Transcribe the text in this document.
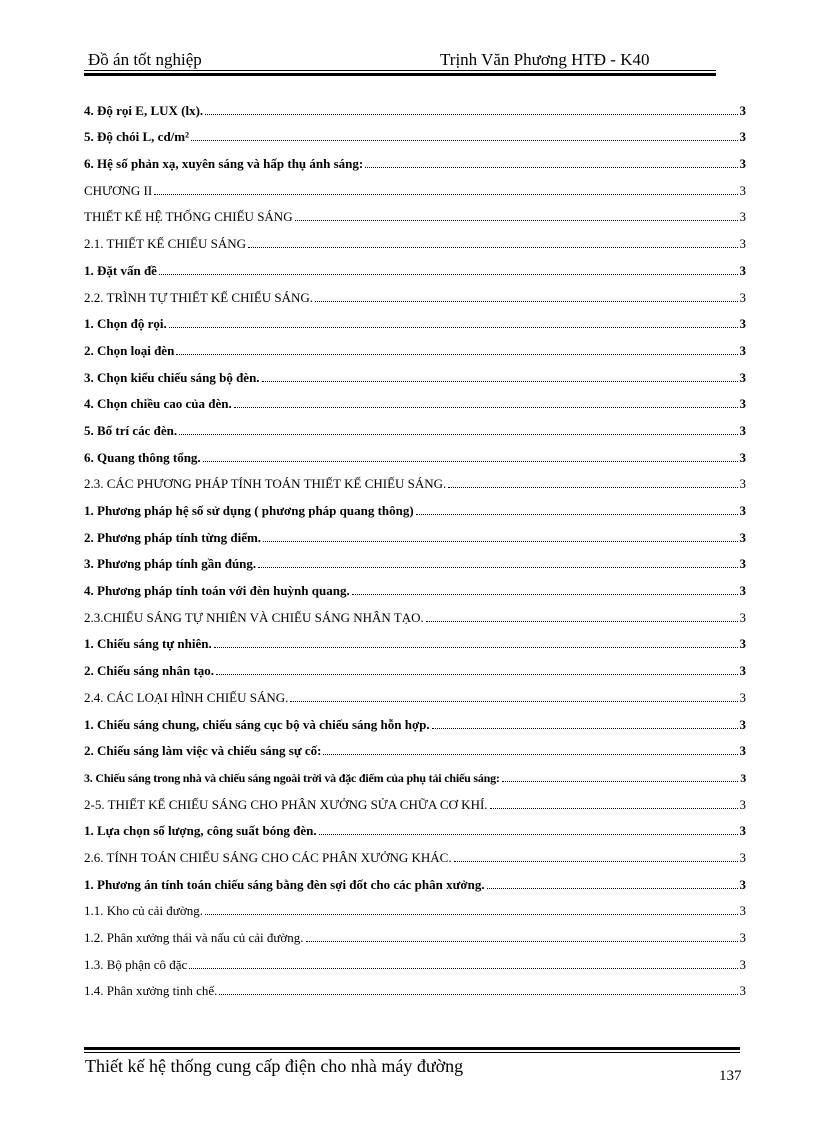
Đồ án tốt nghiệp	Trịnh Văn Phương HTĐ - K40
4. Độ rọi E, LUX (lx).	3
5. Độ chói L, cd/m²	3
6. Hệ số phản xạ, xuyên sáng và hấp thụ ánh sáng:	3
CHƯƠNG II	3
THIẾT KẾ HỆ THỐNG CHIẾU SÁNG	3
2.1. THIẾT KẾ CHIẾU SÁNG	3
1. Đặt vấn đề	3
2.2. TRÌNH TỰ THIẾT KẾ CHIẾU SÁNG.	3
1. Chọn độ rọi.	3
2. Chọn loại đèn	3
3. Chọn kiểu chiếu sáng bộ đèn.	3
4. Chọn chiều cao của đèn.	3
5. Bố trí các đèn.	3
6. Quang thông tổng.	3
2.3. CÁC PHƯƠNG PHÁP TÍNH TOÁN THIẾT KẾ CHIẾU SÁNG.	3
1. Phương pháp hệ số sử dụng ( phương pháp quang thông)	3
2. Phương pháp tính từng điểm.	3
3. Phương pháp tính gần đúng.	3
4. Phương pháp tính toán với đèn huỳnh quang.	3
2.3.CHIẾU SÁNG TỰ NHIÊN VÀ CHIẾU SÁNG NHÂN TẠO.	3
1. Chiếu sáng tự nhiên.	3
2. Chiếu sáng nhân tạo.	3
2.4. CÁC LOẠI HÌNH CHIẾU SÁNG.	3
1. Chiếu sáng chung, chiếu sáng cục bộ và chiếu sáng hỗn hợp.	3
2. Chiếu sáng làm việc và chiếu sáng sự cố:	3
3. Chiếu sáng trong nhà và chiếu sáng ngoài trời và đặc điểm của phụ tải chiếu sáng:	3
2-5. THIẾT KẾ CHIẾU SÁNG CHO PHÂN XƯỞNG SỬA CHỮA CƠ KHÍ.	3
1. Lựa chọn số lượng, công suất bóng đèn.	3
2.6. TÍNH TOÁN CHIẾU SÁNG CHO CÁC PHÂN XƯỞNG KHÁC.	3
1. Phương án tính toán chiếu sáng bằng đèn sợi đốt cho các phân xưởng.	3
1.1. Kho củ cải đường.	3
1.2. Phân xưởng thái và nấu củ cải đường.	3
1.3. Bộ phận cô đặc	3
1.4. Phân xưởng tinh chế.	3
Thiết kế hệ thống cung cấp điện cho nhà máy đường	137
